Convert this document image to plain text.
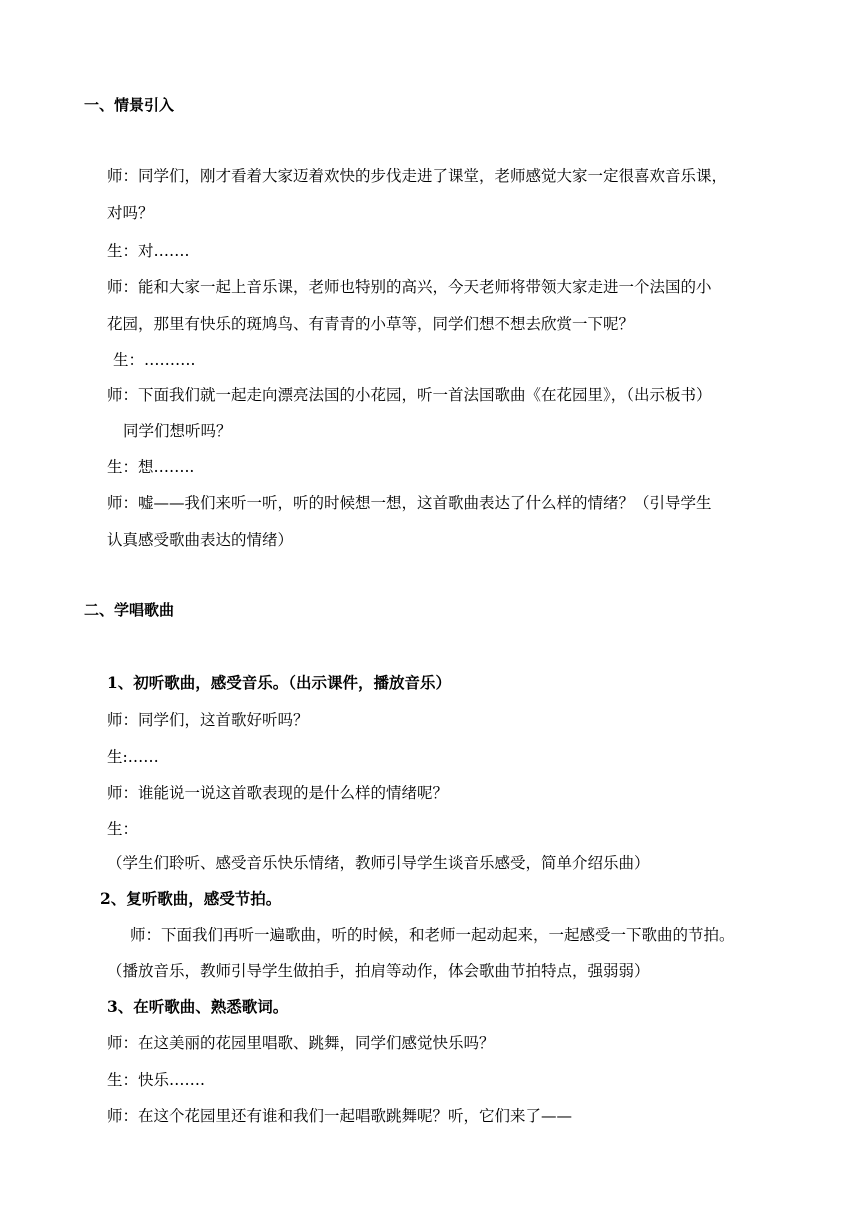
一、情景引入
师：同学们，刚才看着大家迈着欢快的步伐走进了课堂，老师感觉大家一定很喜欢音乐课，
对吗？
生：对…….
师：能和大家一起上音乐课，老师也特别的高兴，今天老师将带领大家走进一个法国的小
花园，那里有快乐的斑鸠鸟、有青青的小草等，同学们想不想去欣赏一下呢？
生：……….
师：下面我们就一起走向漂亮法国的小花园，听一首法国歌曲《在花园里》，（出示板书）
同学们想听吗？
生：想……..
师：嘘——我们来听一听，听的时候想一想，这首歌曲表达了什么样的情绪？（引导学生
认真感受歌曲表达的情绪）
二、学唱歌曲
1、初听歌曲，感受音乐。（出示课件，播放音乐）
师：同学们，这首歌好听吗？
生:……
师：谁能说一说这首歌表现的是什么样的情绪呢？
生：
（学生们聆听、感受音乐快乐情绪，教师引导学生谈音乐感受，简单介绍乐曲）
2、复听歌曲，感受节拍。
师：下面我们再听一遍歌曲，听的时候，和老师一起动起来，一起感受一下歌曲的节拍。
（播放音乐，教师引导学生做拍手，拍肩等动作，体会歌曲节拍特点，强弱弱）
3、在听歌曲、熟悉歌词。
师：在这美丽的花园里唱歌、跳舞，同学们感觉快乐吗？
生：快乐…….
师：在这个花园里还有谁和我们一起唱歌跳舞呢？听，它们来了——
